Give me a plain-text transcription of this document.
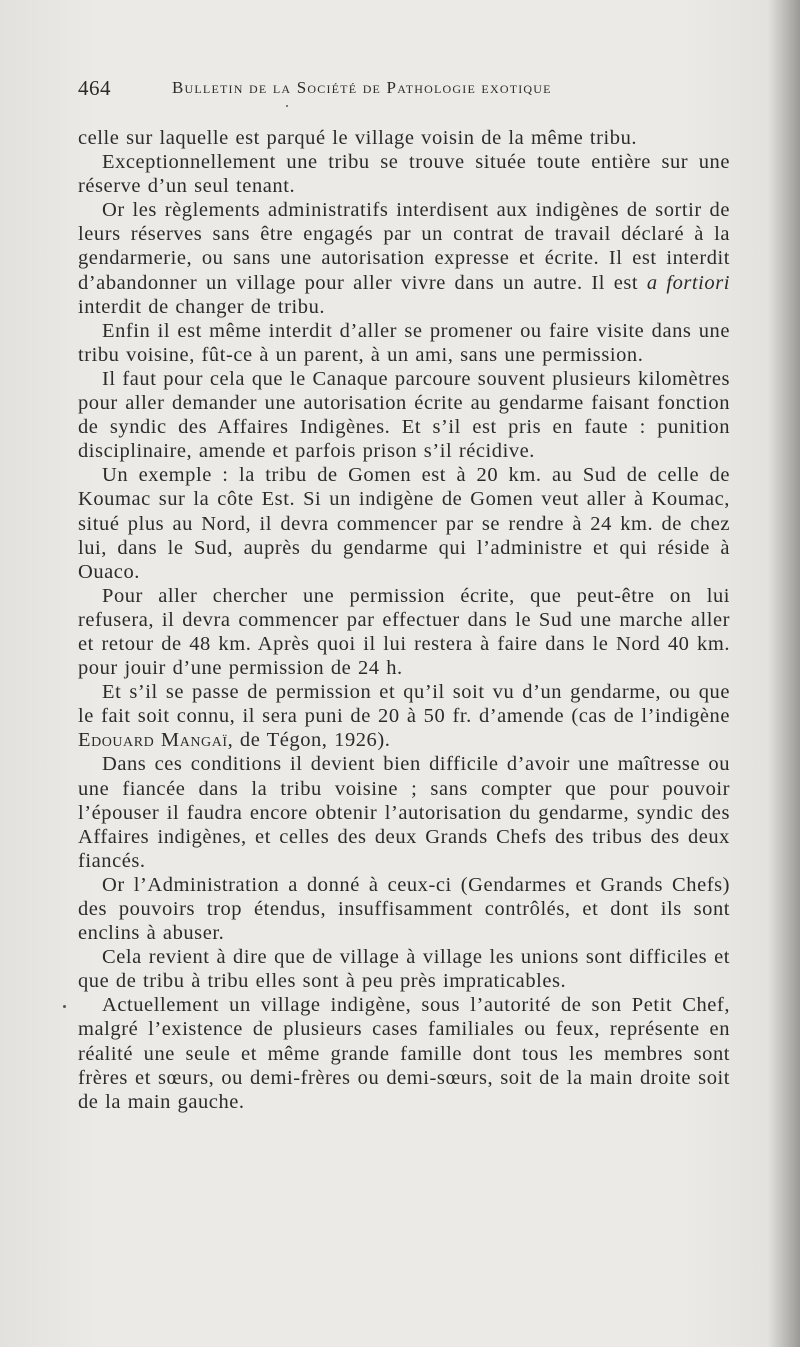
464	Bulletin de la Société de Pathologie exotique

celle sur laquelle est parqué le village voisin de la même tribu.

Exceptionnellement une tribu se trouve située toute entière sur une réserve d’un seul tenant.

Or les règlements administratifs interdisent aux indigènes de sortir de leurs réserves sans être engagés par un contrat de travail déclaré à la gendarmerie, ou sans une autorisation expresse et écrite. Il est interdit d’abandonner un village pour aller vivre dans un autre. Il est a fortiori interdit de changer de tribu.

Enfin il est même interdit d’aller se promener ou faire visite dans une tribu voisine, fût-ce à un parent, à un ami, sans une permission.

Il faut pour cela que le Canaque parcoure souvent plusieurs kilomètres pour aller demander une autorisation écrite au gendarme faisant fonction de syndic des Affaires Indigènes. Et s’il est pris en faute : punition disciplinaire, amende et parfois prison s’il récidive.

Un exemple : la tribu de Gomen est à 20 km. au Sud de celle de Koumac sur la côte Est. Si un indigène de Gomen veut aller à Koumac, situé plus au Nord, il devra commencer par se rendre à 24 km. de chez lui, dans le Sud, auprès du gendarme qui l’administre et qui réside à Ouaco.

Pour aller chercher une permission écrite, que peut-être on lui refusera, il devra commencer par effectuer dans le Sud une marche aller et retour de 48 km. Après quoi il lui restera à faire dans le Nord 40 km. pour jouir d’une permission de 24 h.

Et s’il se passe de permission et qu’il soit vu d’un gendarme, ou que le fait soit connu, il sera puni de 20 à 50 fr. d’amende (cas de l’indigène Edouard Mangaï, de Tégon, 1926).

Dans ces conditions il devient bien difficile d’avoir une maîtresse ou une fiancée dans la tribu voisine ; sans compter que pour pouvoir l’épouser il faudra encore obtenir l’autorisation du gendarme, syndic des Affaires indigènes, et celles des deux Grands Chefs des tribus des deux fiancés.

Or l’Administration a donné à ceux-ci (Gendarmes et Grands Chefs) des pouvoirs trop étendus, insuffisamment contrôlés, et dont ils sont enclins à abuser.

Cela revient à dire que de village à village les unions sont difficiles et que de tribu à tribu elles sont à peu près impraticables.

Actuellement un village indigène, sous l’autorité de son Petit Chef, malgré l’existence de plusieurs cases familiales ou feux, représente en réalité une seule et même grande famille dont tous les membres sont frères et sœurs, ou demi-frères ou demi-sœurs, soit de la main droite soit de la main gauche.
